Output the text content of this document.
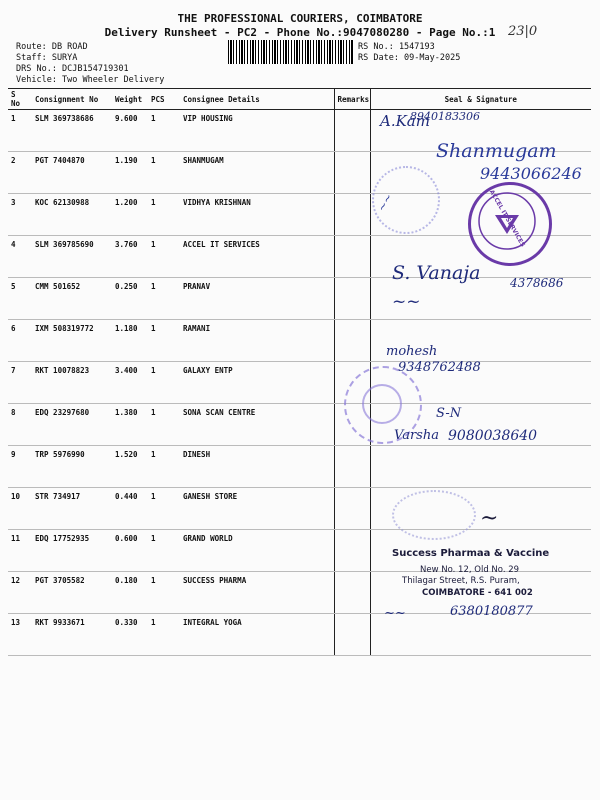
THE PROFESSIONAL COURIERS, COIMBATORE
Delivery Runsheet - PC2 - Phone No.:9047080280 - Page No.:1 23|0
Route: DB ROAD
Staff: SURYA
DRS No.: DCJB154719301
Vehicle: Two Wheeler Delivery
RS No.: 1547193
RS Date: 09-May-2025
S No	Consignment No	Weight	PCS	Consignee Details	Remarks	Seal & Signature
1	SLM 369738686	9.600	1	VIP HOUSING		
2	PGT 7404870	1.190	1	SHANMUGAM		
3	KOC 62130988	1.200	1	VIDHYA KRISHNAN		
4	SLM 369785690	3.760	1	ACCEL IT SERVICES		
5	CMM 501652	0.250	1	PRANAV		
6	IXM 508319772	1.180	1	RAMANI		
7	RKT 10078823	3.400	1	GALAXY ENTP		
8	EDQ 23297680	1.380	1	SONA SCAN CENTRE		
9	TRP 5976990	1.520	1	DINESH		
10	STR 734917	0.440	1	GANESH STORE		
11	EDQ 17752935	0.600	1	GRAND WORLD		
12	PGT 3705582	0.180	1	SUCCESS PHARMA		
13	RKT 9933671	0.330	1	INTEGRAL YOGA		
ACCEL IT SERVICES
A.Kam
8940183306
Shanmugam
9443066246
~~
S. Vanaja 4378686
~~
mohesh
9348762488
S-N
Varsha 9080038640
~
~~	6380180877
Success Pharmaa & Vaccine
New No. 12, Old No. 29
Thilagar Street, R.S. Puram,
COIMBATORE - 641 002
